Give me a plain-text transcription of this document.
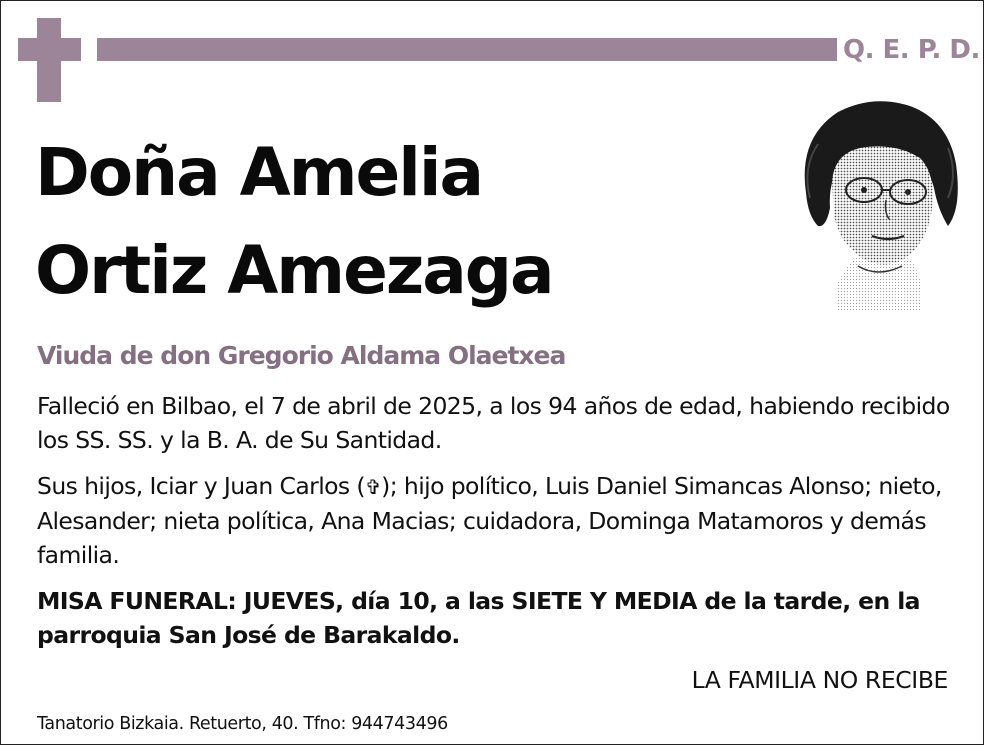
Q. E. P. D.
Doña Amelia
Ortiz Amezaga
Viuda de don Gregorio Aldama Olaetxea
Falleció en Bilbao, el 7 de abril de 2025, a los 94 años de edad, habiendo recibido los SS. SS. y la B. A. de Su Santidad.
Sus hijos, Iciar y Juan Carlos (✞); hijo político, Luis Daniel Simancas Alonso; nieto, Alesander; nieta política, Ana Macias; cuidadora, Dominga Matamoros y demás familia.
MISA FUNERAL: JUEVES, día 10, a las SIETE Y MEDIA de la tarde, en la parroquia San José de Barakaldo.
LA FAMILIA NO RECIBE
Tanatorio Bizkaia. Retuerto, 40. Tfno: 944743496
